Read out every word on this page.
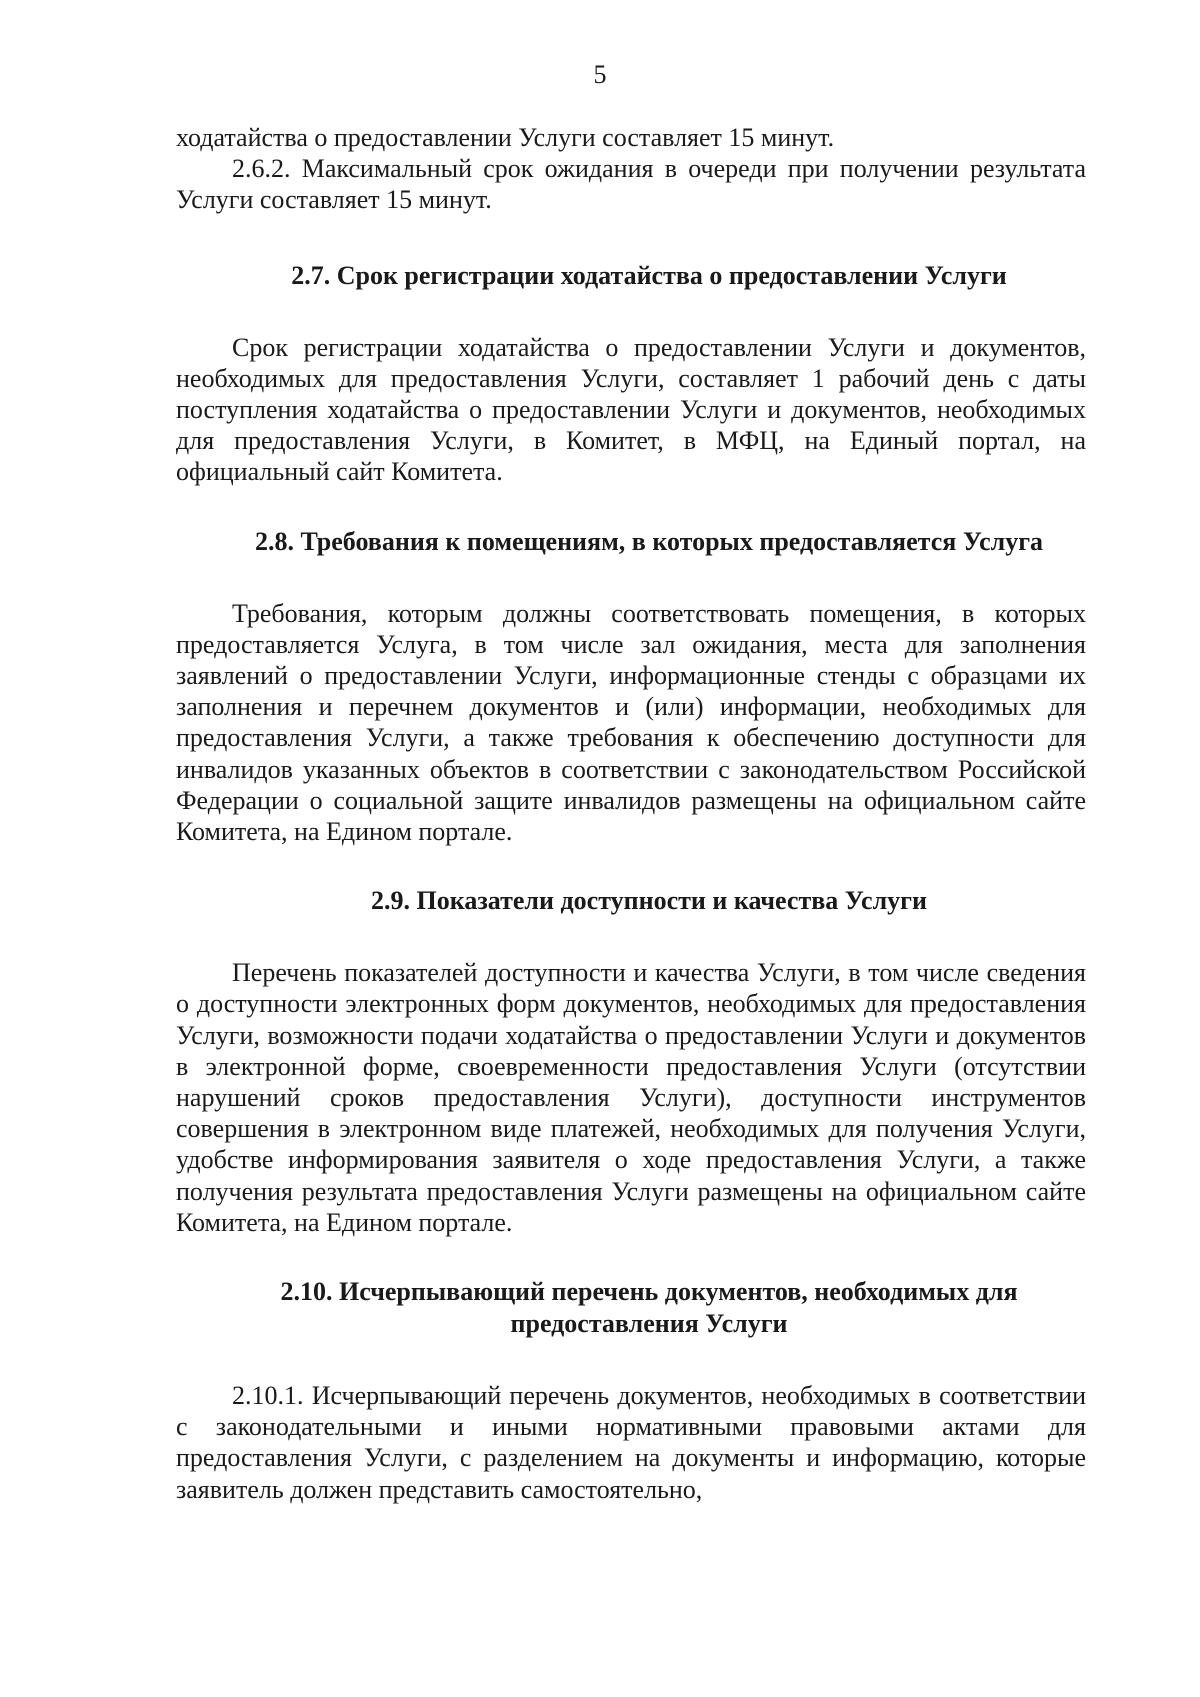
5

ходатайства о предоставлении Услуги составляет 15 минут.

2.6.2. Максимальный срок ожидания в очереди при получении результата Услуги составляет 15 минут.

2.7. Срок регистрации ходатайства о предоставлении Услуги

Срок регистрации ходатайства о предоставлении Услуги и документов, необходимых для предоставления Услуги, составляет 1 рабочий день с даты поступления ходатайства о предоставлении Услуги и документов, необходимых для предоставления Услуги, в Комитет, в МФЦ, на Единый портал, на официальный сайт Комитета.

2.8. Требования к помещениям, в которых предоставляется Услуга

Требования, которым должны соответствовать помещения, в которых предоставляется Услуга, в том числе зал ожидания, места для заполнения заявлений о предоставлении Услуги, информационные стенды с образцами их заполнения и перечнем документов и (или) информации, необходимых для предоставления Услуги, а также требования к обеспечению доступности для инвалидов указанных объектов в соответствии с законодательством Российской Федерации о социальной защите инвалидов размещены на официальном сайте Комитета, на Едином портале.

2.9. Показатели доступности и качества Услуги

Перечень показателей доступности и качества Услуги, в том числе сведения о доступности электронных форм документов, необходимых для предоставления Услуги, возможности подачи ходатайства о предоставлении Услуги и документов в электронной форме, своевременности предоставления Услуги (отсутствии нарушений сроков предоставления Услуги), доступности инструментов совершения в электронном виде платежей, необходимых для получения Услуги, удобстве информирования заявителя о ходе предоставления Услуги, а также получения результата предоставления Услуги размещены на официальном сайте Комитета, на Едином портале.

2.10. Исчерпывающий перечень документов, необходимых для предоставления Услуги

2.10.1. Исчерпывающий перечень документов, необходимых в соответствии с законодательными и иными нормативными правовыми актами для предоставления Услуги, с разделением на документы и информацию, которые заявитель должен представить самостоятельно,
